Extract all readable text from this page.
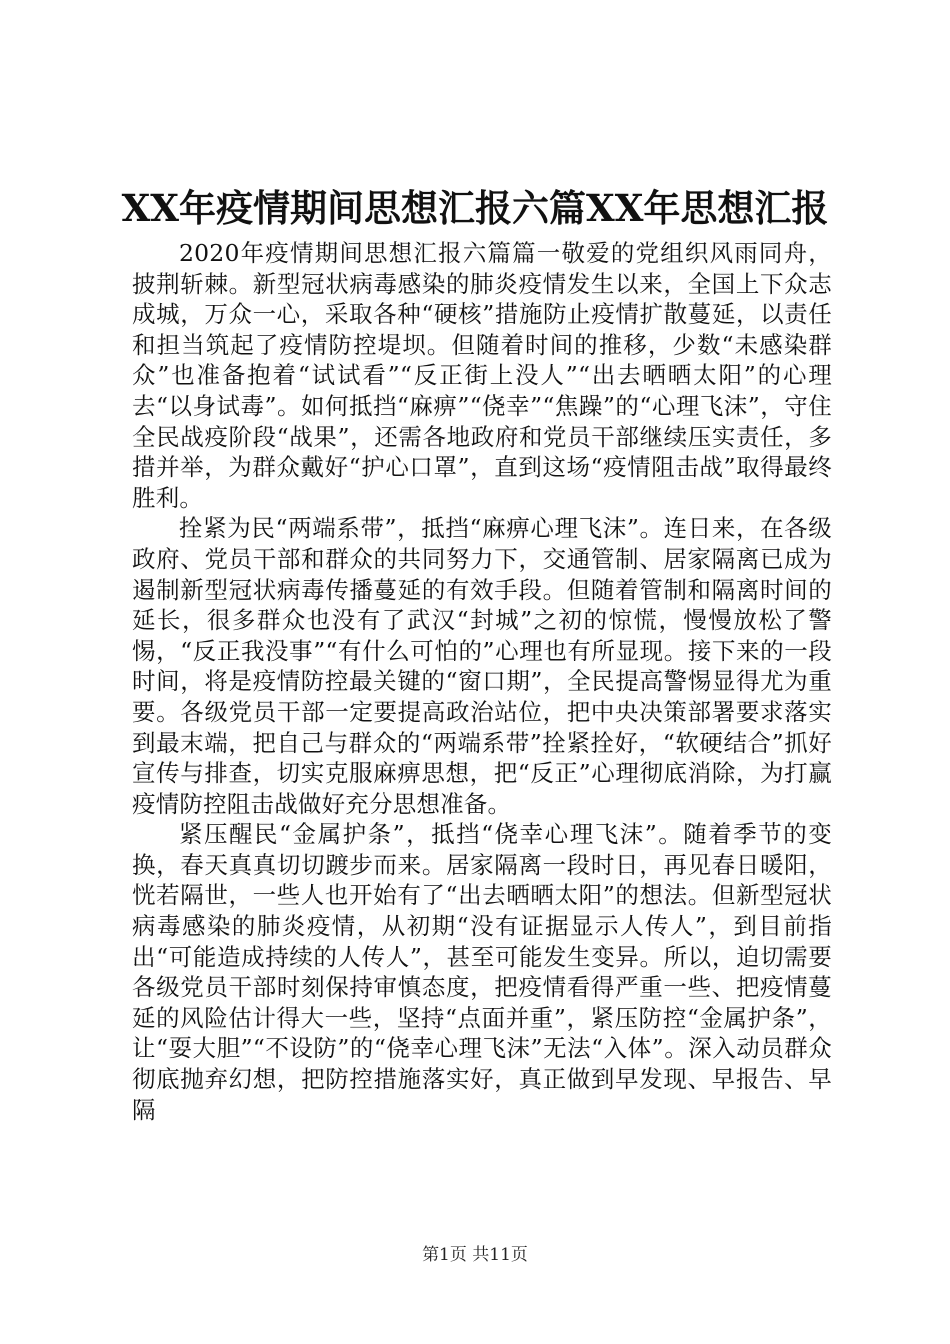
XX年疫情期间思想汇报六篇XX年思想汇报

2020年疫情期间思想汇报六篇篇一敬爱的党组织风雨同舟，披荆斩棘。新型冠状病毒感染的肺炎疫情发生以来，全国上下众志成城，万众一心，采取各种“硬核”措施防止疫情扩散蔓延，以责任和担当筑起了疫情防控堤坝。但随着时间的推移，少数“未感染群众”也准备抱着“试试看”“反正街上没人”“出去晒晒太阳”的心理去“以身试毒”。如何抵挡“麻痹”“侥幸”“焦躁”的“心理飞沫”，守住全民战疫阶段“战果”，还需各地政府和党员干部继续压实责任，多措并举，为群众戴好“护心口罩”，直到这场“疫情阻击战”取得最终胜利。

拴紧为民“两端系带”，抵挡“麻痹心理飞沫”。连日来，在各级政府、党员干部和群众的共同努力下，交通管制、居家隔离已成为遏制新型冠状病毒传播蔓延的有效手段。但随着管制和隔离时间的延长，很多群众也没有了武汉“封城”之初的惊慌，慢慢放松了警惕，“反正我没事”“有什么可怕的”心理也有所显现。接下来的一段时间，将是疫情防控最关键的“窗口期”，全民提高警惕显得尤为重要。各级党员干部一定要提高政治站位，把中央决策部署要求落实到最末端，把自己与群众的“两端系带”拴紧拴好，“软硬结合”抓好宣传与排查，切实克服麻痹思想，把“反正”心理彻底消除，为打赢疫情防控阻击战做好充分思想准备。

紧压醒民“金属护条”，抵挡“侥幸心理飞沫”。随着季节的变换，春天真真切切踱步而来。居家隔离一段时日，再见春日暖阳，恍若隔世，一些人也开始有了“出去晒晒太阳”的想法。但新型冠状病毒感染的肺炎疫情，从初期“没有证据显示人传人”，到目前指出“可能造成持续的人传人”，甚至可能发生变异。所以，迫切需要各级党员干部时刻保持审慎态度，把疫情看得严重一些、把疫情蔓延的风险估计得大一些，坚持“点面并重”，紧压防控“金属护条”，让“耍大胆”“不设防”的“侥幸心理飞沫”无法“入体”。深入动员群众彻底抛弃幻想，把防控措施落实好，真正做到早发现、早报告、早隔

第1页 共11页
